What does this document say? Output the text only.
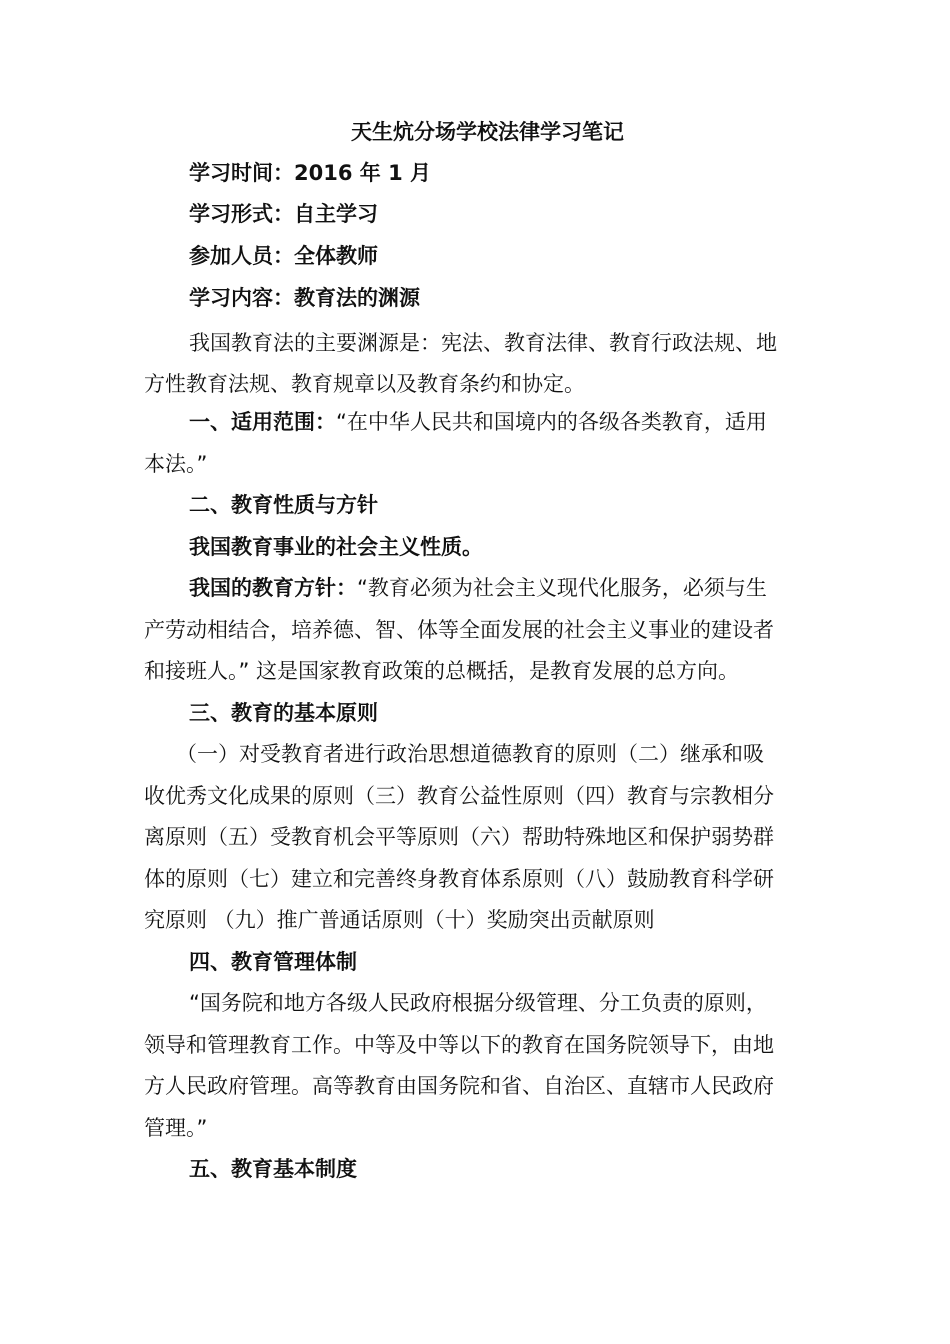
天生炕分场学校法律学习笔记
学习时间：2016 年 1 月
学习形式：自主学习
参加人员：全体教师
学习内容：教育法的渊源
我国教育法的主要渊源是：宪法、教育法律、教育行政法规、地
方性教育法规、教育规章以及教育条约和协定。
一、适用范围：“在中华人民共和国境内的各级各类教育，适用
本法。”
二、教育性质与方针
我国教育事业的社会主义性质。
我国的教育方针：“教育必须为社会主义现代化服务，必须与生
产劳动相结合，培养德、智、体等全面发展的社会主义事业的建设者
和接班人。” 这是国家教育政策的总概括，是教育发展的总方向。
三、教育的基本原则
（一）对受教育者进行政治思想道德教育的原则（二）继承和吸
收优秀文化成果的原则（三）教育公益性原则（四）教育与宗教相分
离原则（五）受教育机会平等原则（六）帮助特殊地区和保护弱势群
体的原则（七）建立和完善终身教育体系原则（八）鼓励教育科学研
究原则 （九）推广普通话原则（十）奖励突出贡献原则
四、教育管理体制
“国务院和地方各级人民政府根据分级管理、分工负责的原则，
领导和管理教育工作。中等及中等以下的教育在国务院领导下，由地
方人民政府管理。高等教育由国务院和省、自治区、直辖市人民政府
管理。”
五、教育基本制度
